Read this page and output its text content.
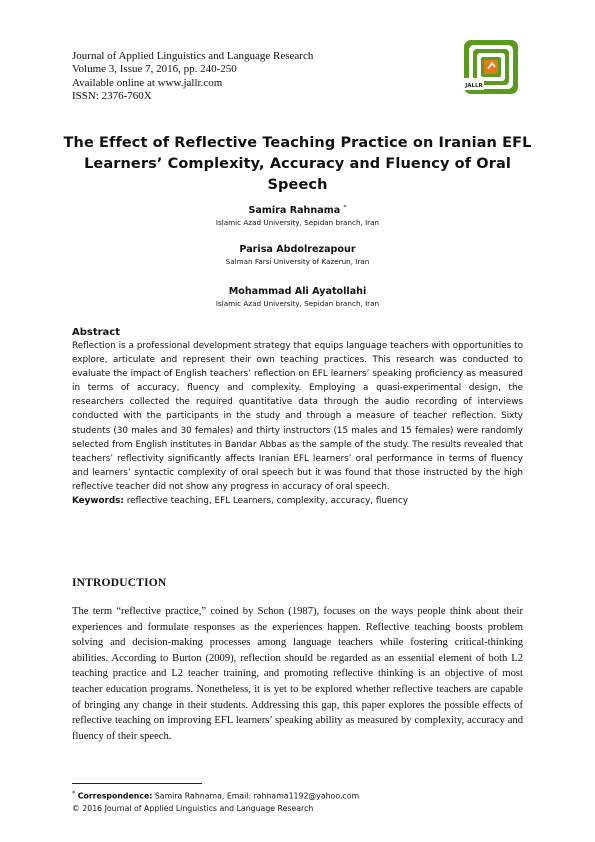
Journal of Applied Linguistics and Language Research
Volume 3, Issue 7, 2016, pp. 240-250
Available online at www.jallr.com
ISSN: 2376-760X
JALLR
The Effect of Reflective Teaching Practice on Iranian EFL Learners’ Complexity, Accuracy and Fluency of Oral Speech
Samira Rahnama *
Islamic Azad University, Sepidan branch, Iran
Parisa Abdolrezapour
Salman Farsi University of Kazerun, Iran
Mohammad Ali Ayatollahi
Islamic Azad University, Sepidan branch, Iran
Abstract

Reflection is a professional development strategy that equips language teachers with opportunities to explore, articulate and represent their own teaching practices. This research was conducted to evaluate the impact of English teachers’ reflection on EFL learners’ speaking proficiency as measured in terms of accuracy, fluency and complexity. Employing a quasi-experimental design, the researchers collected the required quantitative data through the audio recording of interviews conducted with the participants in the study and through a measure of teacher reflection. Sixty students (30 males and 30 females) and thirty instructors (15 males and 15 females) were randomly selected from English institutes in Bandar Abbas as the sample of the study. The results revealed that teachers’ reflectivity significantly affects Iranian EFL learners’ oral performance in terms of fluency and learners’ syntactic complexity of oral speech but it was found that those instructed by the high reflective teacher did not show any progress in accuracy of oral speech.

Keywords: reflective teaching, EFL Learners, complexity, accuracy, fluency
INTRODUCTION

The term “reflective practice,” coined by Schon (1987), focuses on the ways people think about their experiences and formulate responses as the experiences happen. Reflective teaching boosts problem solving and decision-making processes among language teachers while fostering critical-thinking abilities. According to Burton (2009), reflection should be regarded as an essential element of both L2 teaching practice and L2 teacher training, and promoting reflective thinking is an objective of most teacher education programs. Nonetheless, it is yet to be explored whether reflective teachers are capable of bringing any change in their students. Addressing this gap, this paper explores the possible effects of reflective teaching on improving EFL learners’ speaking ability as measured by complexity, accuracy and fluency of their speech.

* Correspondence: Samira Rahnama, Email: rahnama1192@yahoo.com
© 2016 Journal of Applied Linguistics and Language Research
